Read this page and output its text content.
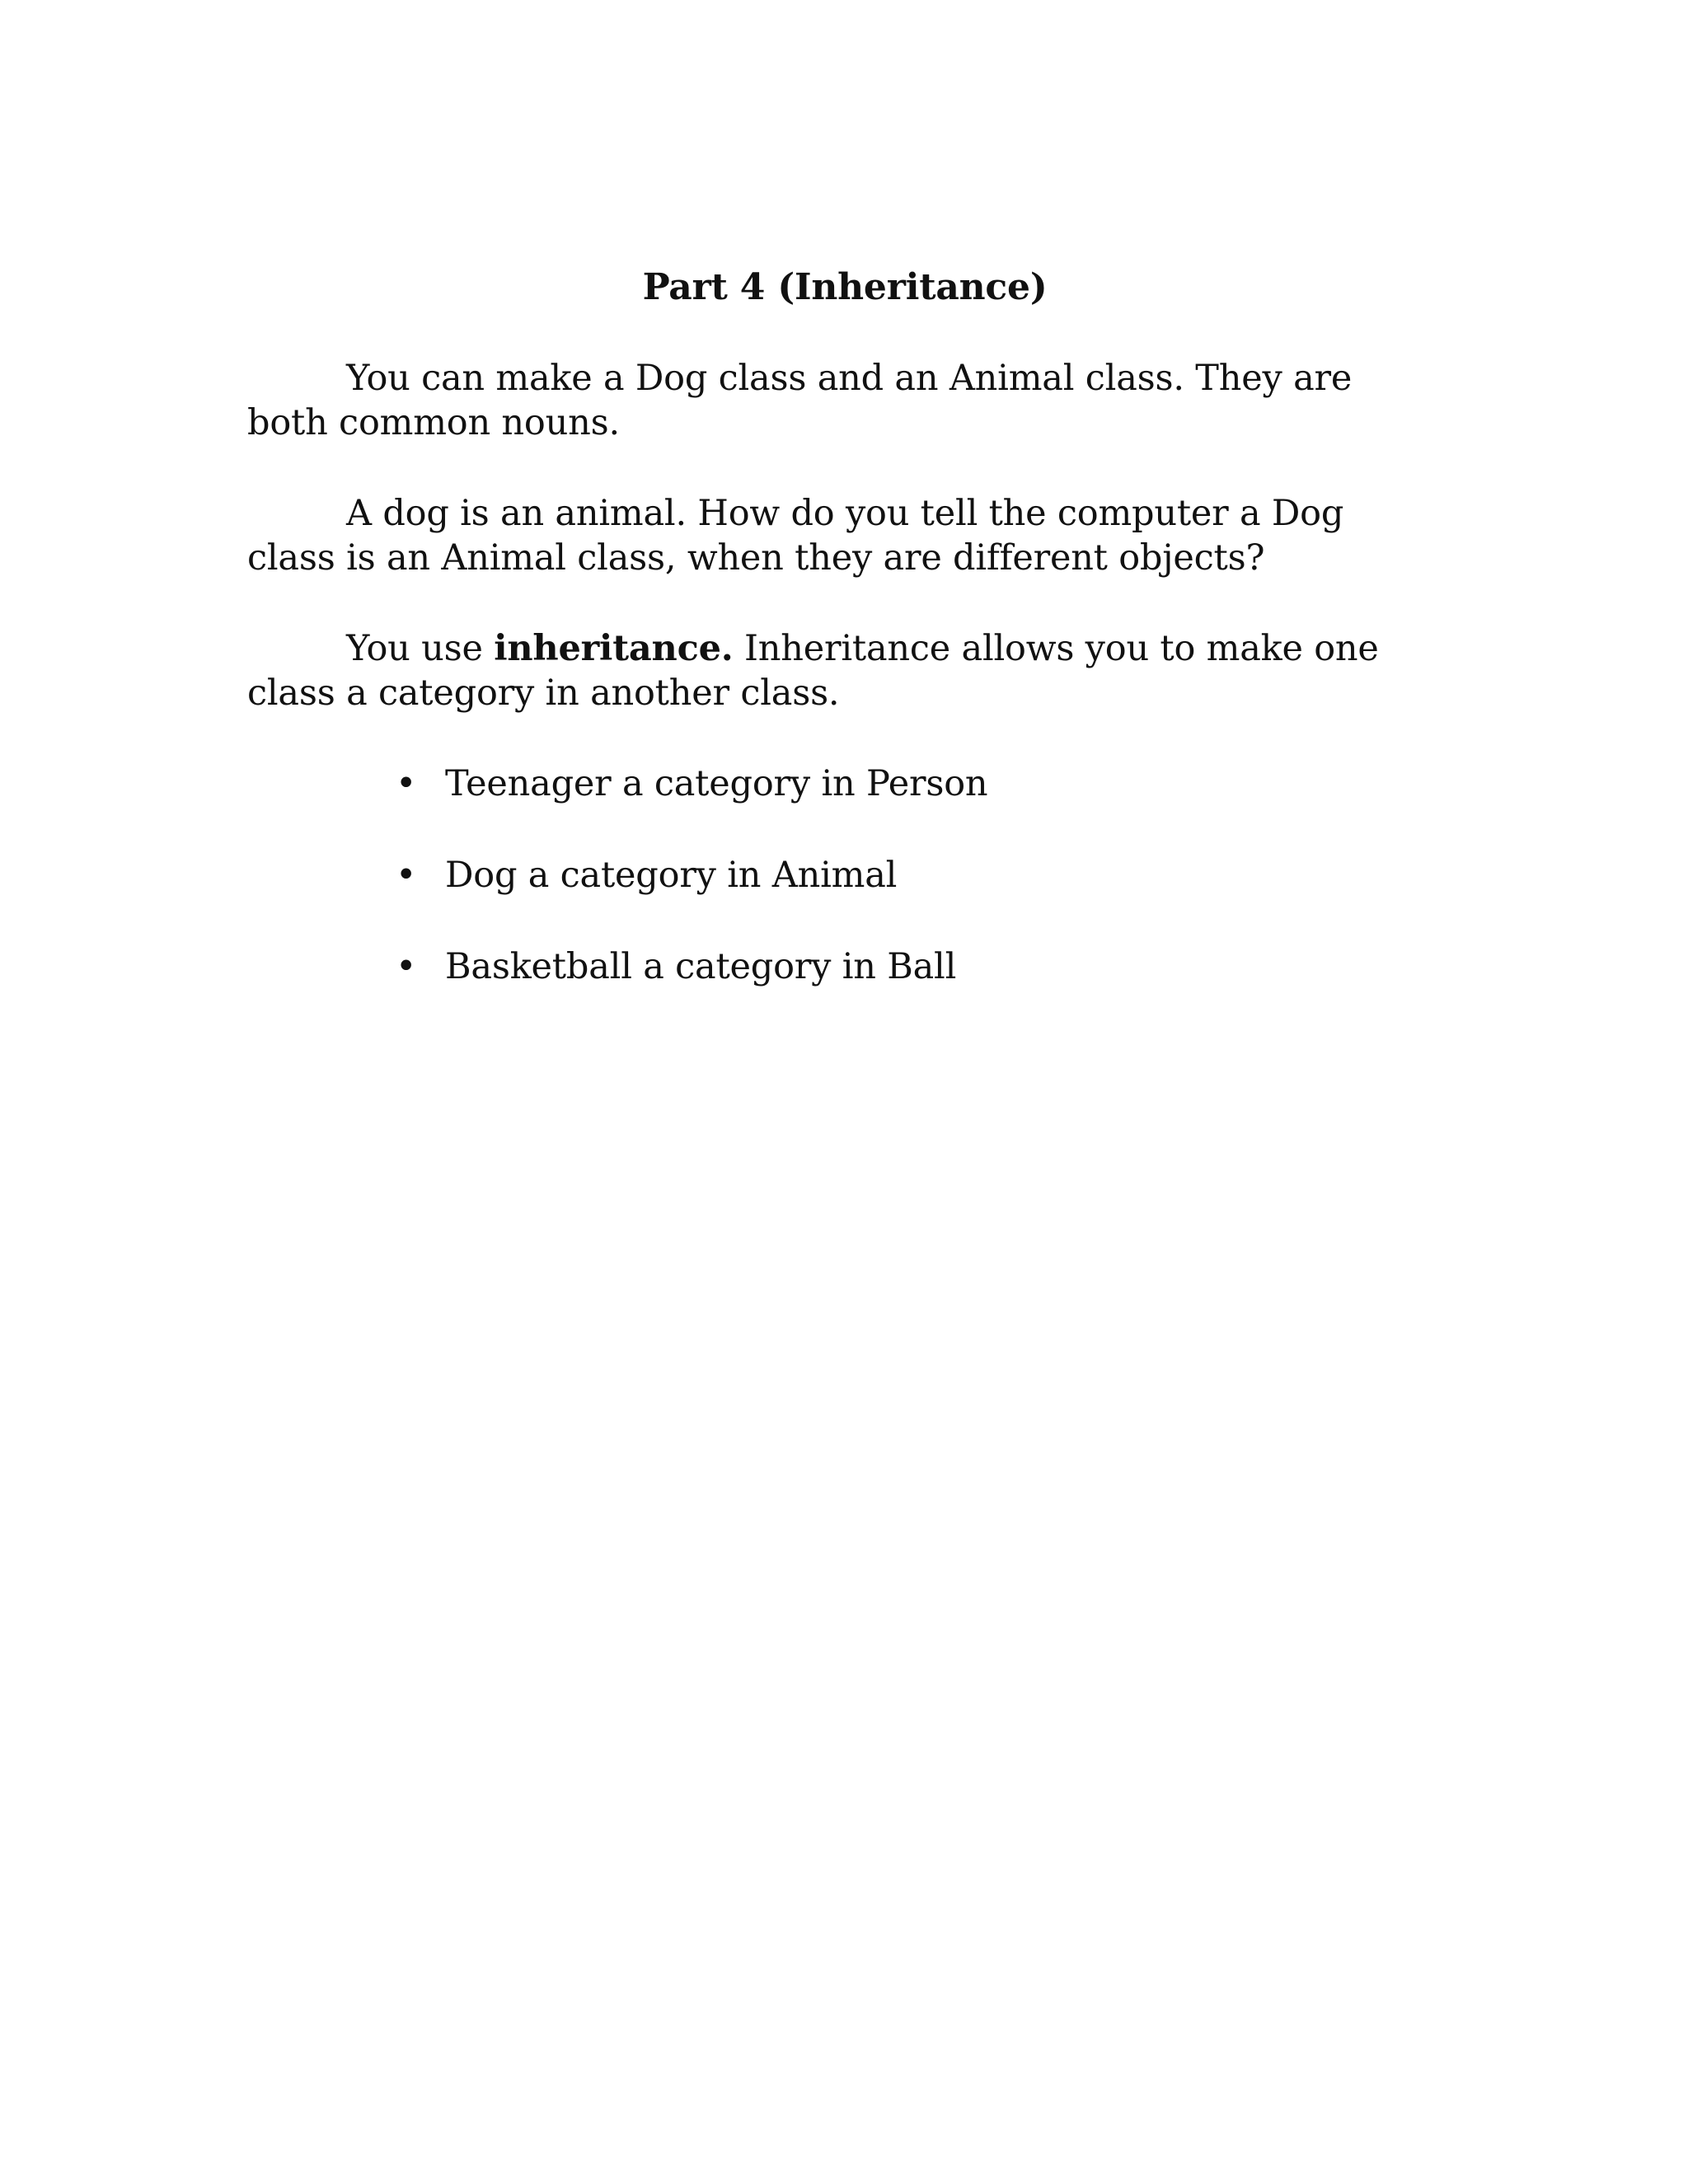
Part 4 (Inheritance)

You can make a Dog class and an Animal class. They are both common nouns.

A dog is an animal. How do you tell the computer a Dog class is an Animal class, when they are different objects?

You use inheritance. Inheritance allows you to make one class a category in another class.

• Teenager a category in Person
• Dog a category in Animal
• Basketball a category in Ball
